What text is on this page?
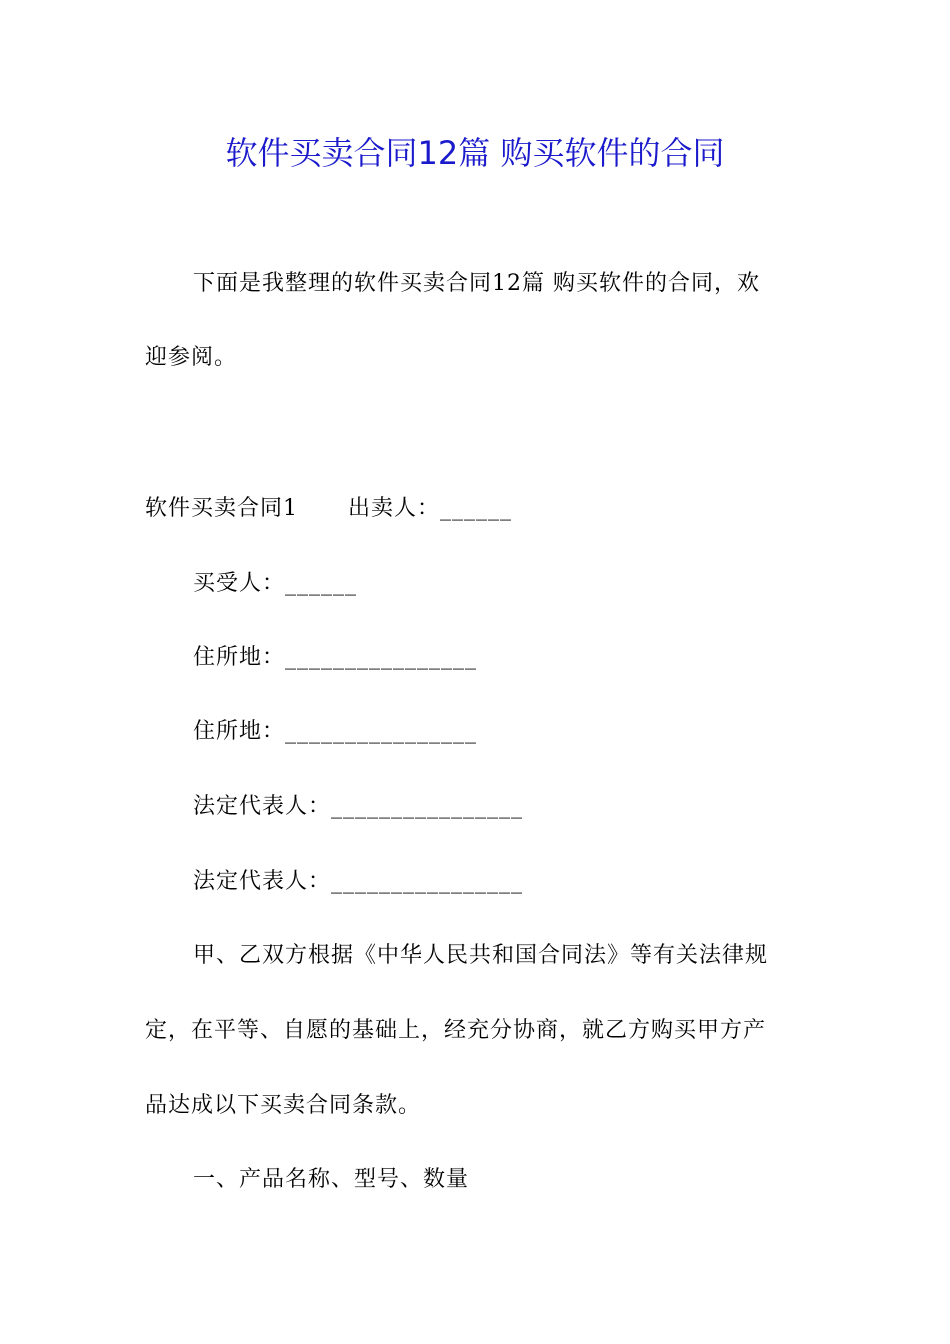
软件买卖合同12篇 购买软件的合同
下面是我整理的软件买卖合同12篇 购买软件的合同，欢
迎参阅。
软件买卖合同1 出卖人：______
买受人：______
住所地：________________
住所地：________________
法定代表人：________________
法定代表人：________________
甲、乙双方根据《中华人民共和国合同法》等有关法律规
定，在平等、自愿的基础上，经充分协商，就乙方购买甲方产
品达成以下买卖合同条款。
一、产品名称、型号、数量
